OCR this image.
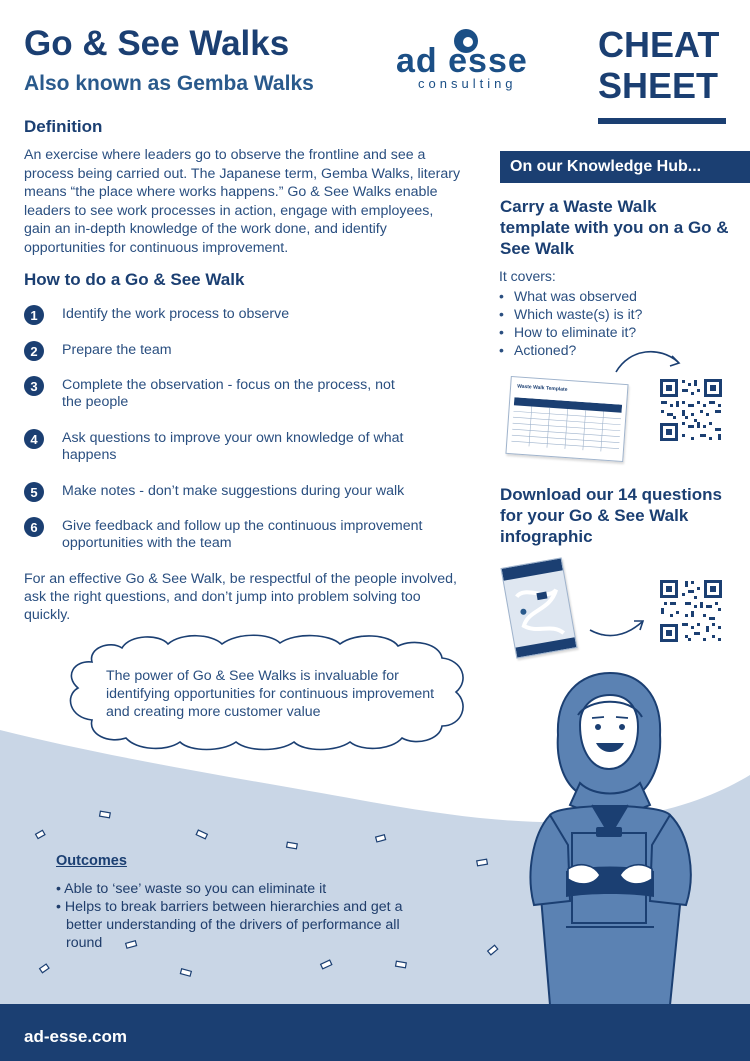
Go & See Walks
Also known as Gemba Walks
ad esse
consulting
CHEAT
SHEET
Definition
An exercise where leaders go to observe the frontline and see a process being carried out. The Japanese term, Gemba Walks, literary means “the place where works happens.” Go & See Walks enable leaders to see work processes in action, engage with employees, gain an in-depth knowledge of the work done, and identify opportunities for continuous improvement.
How to do a Go & See Walk
1	Identify the work process to observe
2	Prepare the team
3	Complete the observation - focus on the process, not the people
4	Ask questions to improve your own knowledge of what happens
5	Make notes - don’t make suggestions during your walk
6	Give feedback and follow up the continuous improvement opportunities with the team
For an effective Go & See Walk, be respectful of the people involved, ask the right questions, and don’t jump into problem solving too quickly.
The power of Go & See Walks is invaluable for identifying opportunities for continuous improvement and creating more customer value
On our Knowledge Hub...
Carry a Waste Walk template with you on a Go & See Walk
It covers:
• What was observed
• Which waste(s) is it?
• How to eliminate it?
• Actioned?
Waste Walk Template
Download our 14 questions for your Go & See Walk infographic
Outcomes
• Able to ‘see’ waste so you can eliminate it
• Helps to break barriers between hierarchies and get a better understanding of the drivers of performance all round
ad-esse.com
